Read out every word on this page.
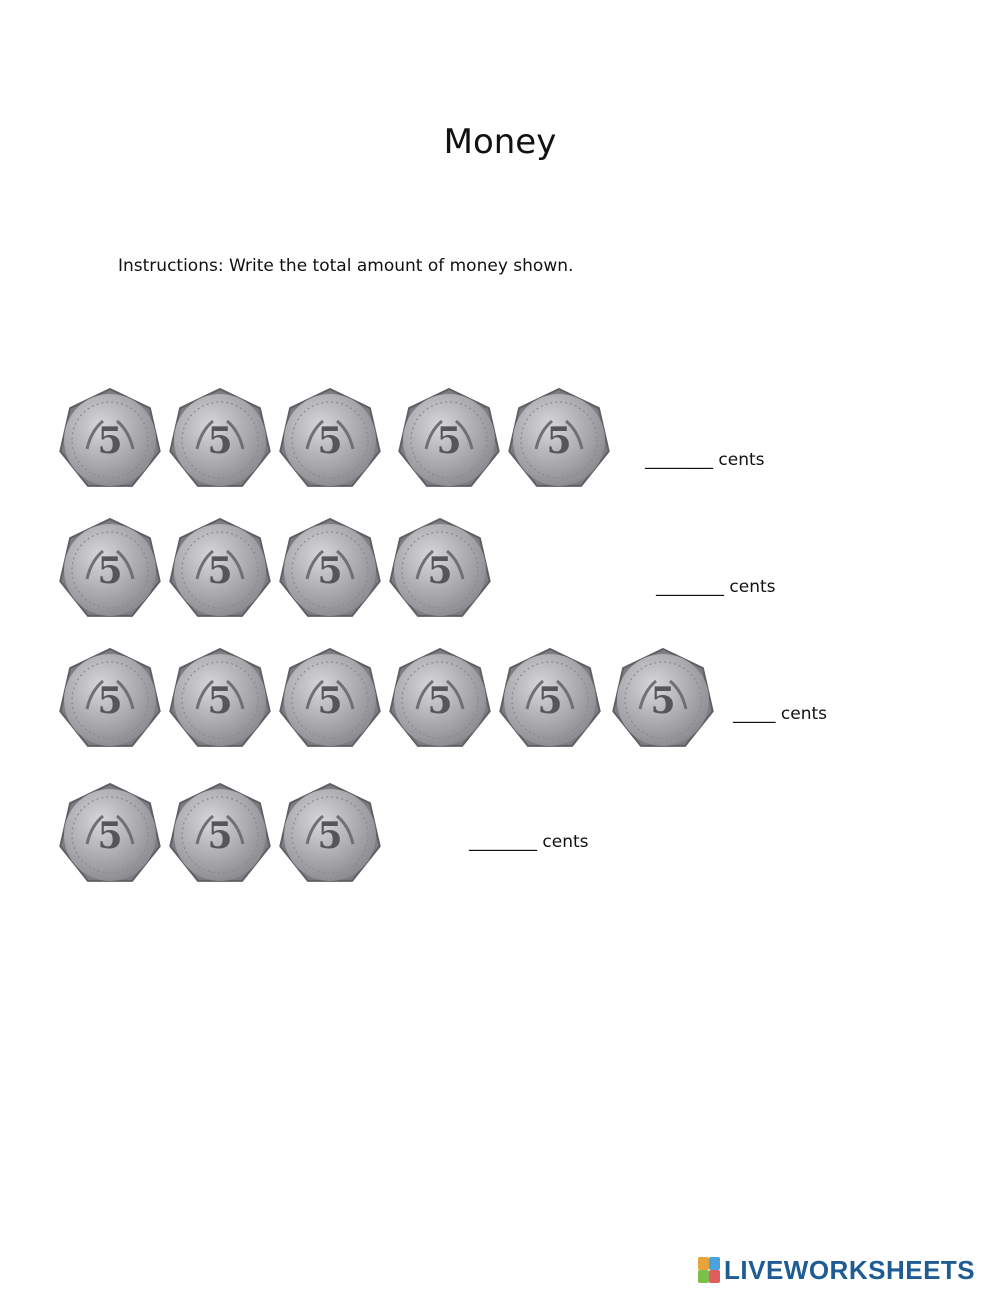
Money
Instructions: Write the total amount of money shown.
5 5 5	5 5
5 5 5 5
5 5 5 5 5 5
5 5 5
________ cents
________ cents
_____ cents
________ cents
LIVEWORKSHEETS
